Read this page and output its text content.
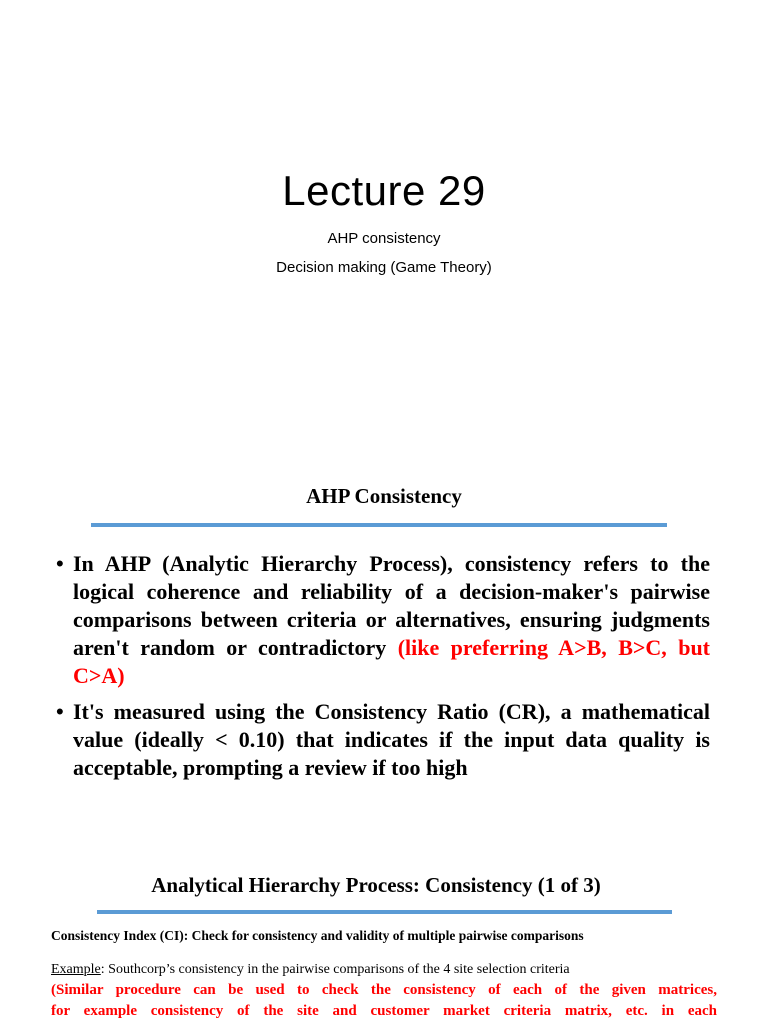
Lecture 29
AHP consistency
Decision making (Game Theory)
AHP Consistency
• In AHP (Analytic Hierarchy Process), consistency refers to the logical coherence and reliability of a decision-maker's pairwise comparisons between criteria or alternatives, ensuring judgments aren't random or contradictory (like preferring A>B, B>C, but C>A)
• It's measured using the Consistency Ratio (CR), a mathematical value (ideally < 0.10) that indicates if the input data quality is acceptable, prompting a review if too high
Analytical Hierarchy Process: Consistency (1 of 3)
Consistency Index (CI): Check for consistency and validity of multiple pairwise comparisons
Example: Southcorp’s consistency in the pairwise comparisons of the 4 site selection criteria
(Similar procedure can be used to check the consistency of each of the given matrices,
for example consistency of the site and customer market criteria matrix, etc. in each
